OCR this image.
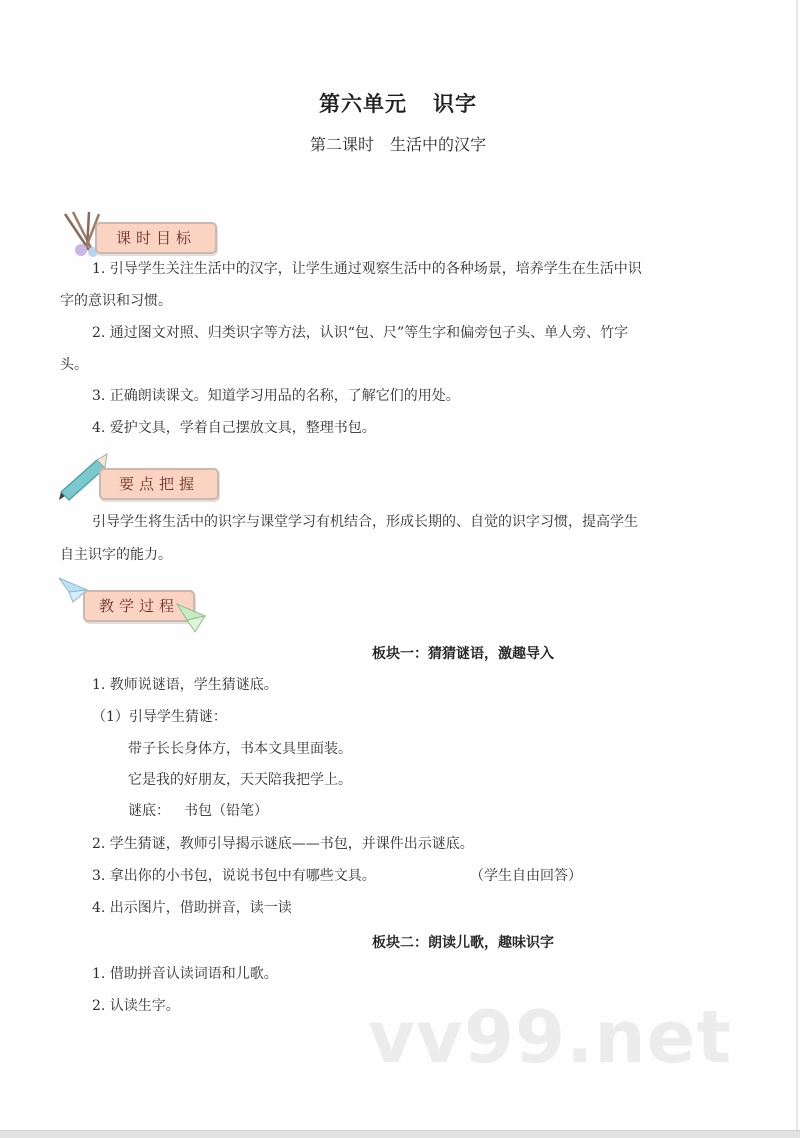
第六单元 识字
第二课时 生活中的汉字
课时目标
1. 引导学生关注生活中的汉字，让学生通过观察生活中的各种场景，培养学生在生活中识
字的意识和习惯。
2. 通过图文对照、归类识字等方法，认识“包、尺”等生字和偏旁包子头、单人旁、竹字
头。
3. 正确朗读课文。知道学习用品的名称，了解它们的用处。
4. 爱护文具，学着自己摆放文具，整理书包。
要点把握
引导学生将生活中的识字与课堂学习有机结合，形成长期的、自觉的识字习惯，提高学生
自主识字的能力。
教学过程
板块一：猜猜谜语，激趣导入
1. 教师说谜语，学生猜谜底。
（1）引导学生猜谜：
带子长长身体方，书本文具里面装。
它是我的好朋友，天天陪我把学上。
谜底： 书包（铅笔）
2. 学生猜谜，教师引导揭示谜底——书包，并课件出示谜底。
3. 拿出你的小书包，说说书包中有哪些文具。	（学生自由回答）
4. 出示图片，借助拼音，读一读
板块二：朗读儿歌，趣味识字
1. 借助拼音认读词语和儿歌。
2. 认读生字。	vv99.net
